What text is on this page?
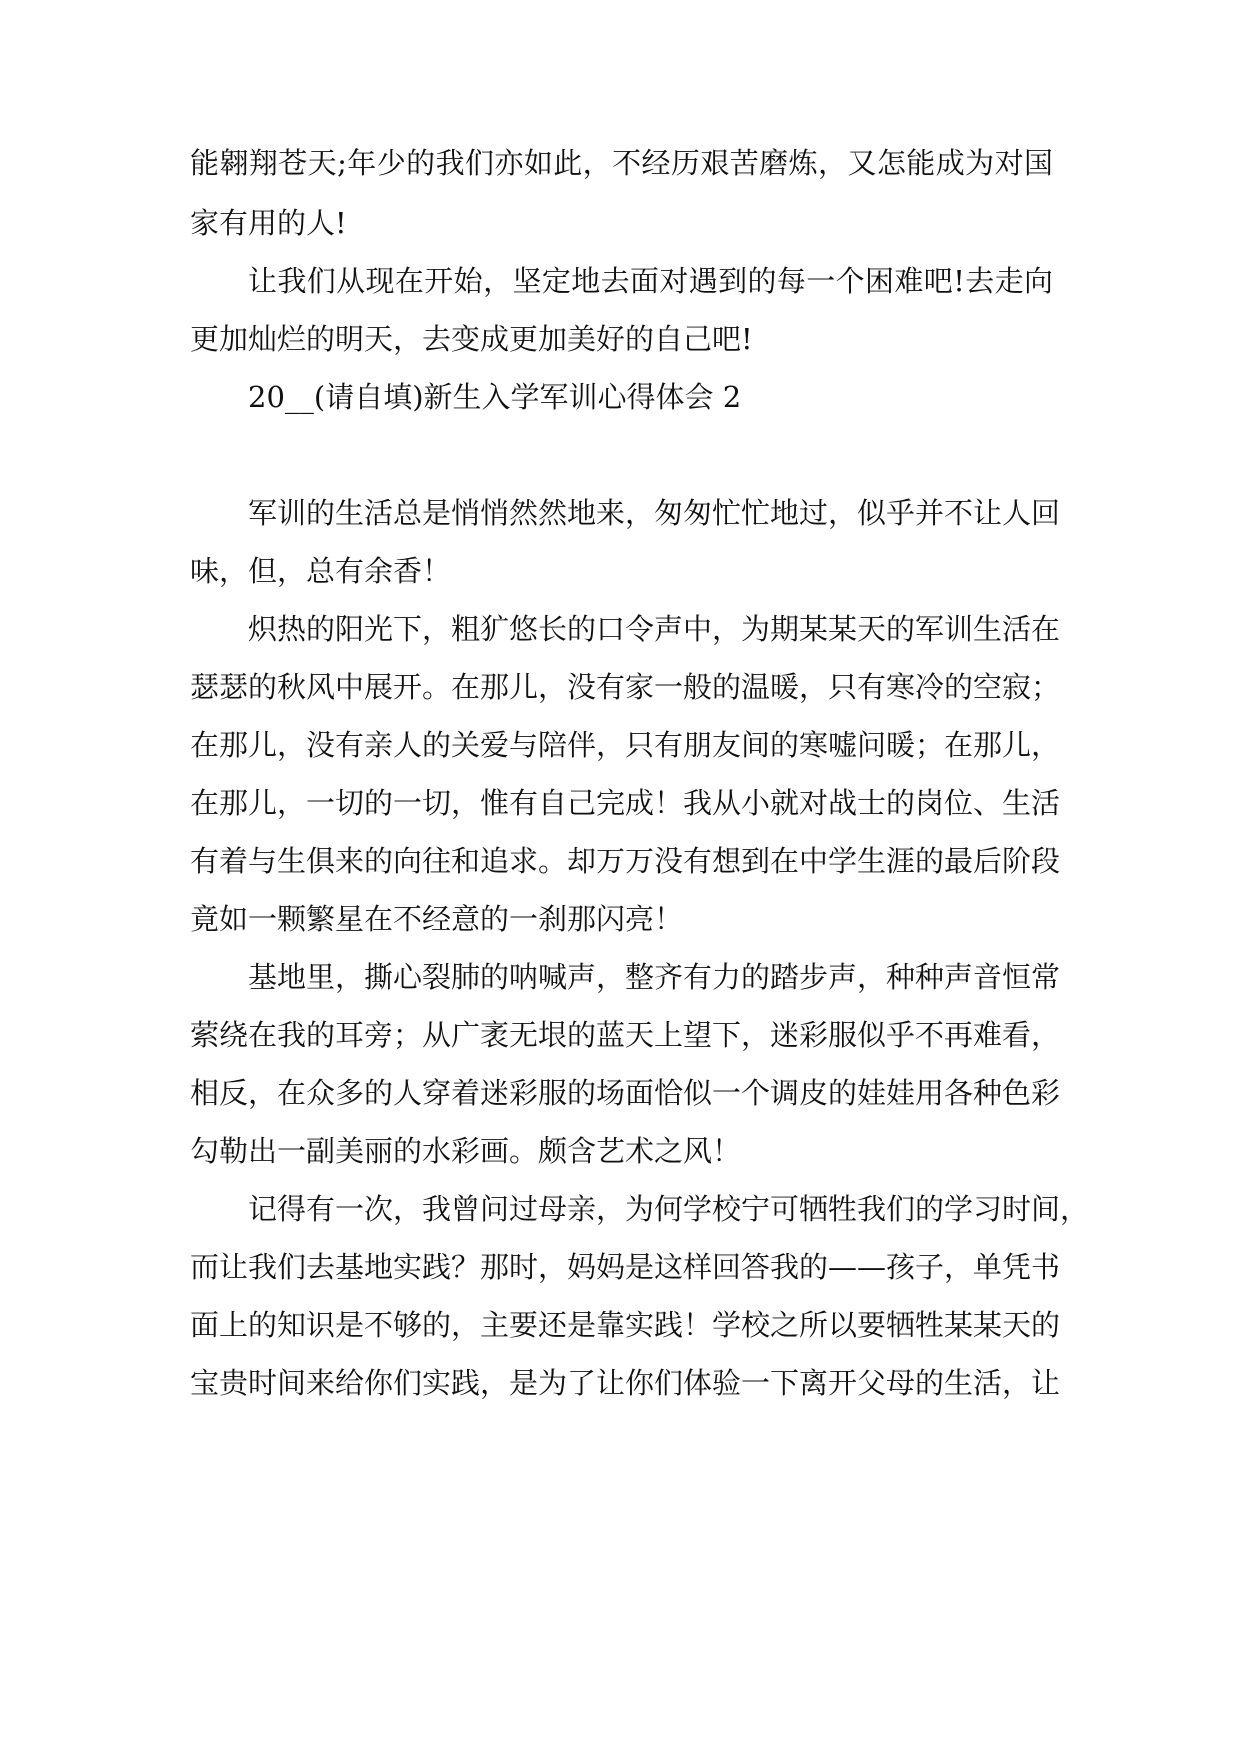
能翱翔苍天;年少的我们亦如此，不经历艰苦磨炼，又怎能成为对国
家有用的人!
让我们从现在开始，坚定地去面对遇到的每一个困难吧!去走向
更加灿烂的明天，去变成更加美好的自己吧!
20__(请自填)新生入学军训心得体会 2
军训的生活总是悄悄然然地来，匆匆忙忙地过，似乎并不让人回
味，但，总有余香！
炽热的阳光下，粗犷悠长的口令声中，为期某某天的军训生活在
瑟瑟的秋风中展开。在那儿，没有家一般的温暖，只有寒冷的空寂；
在那儿，没有亲人的关爱与陪伴，只有朋友间的寒嘘问暖；在那儿，
在那儿，一切的一切，惟有自己完成！我从小就对战士的岗位、生活
有着与生俱来的向往和追求。却万万没有想到在中学生涯的最后阶段
竟如一颗繁星在不经意的一刹那闪亮！
基地里，撕心裂肺的呐喊声，整齐有力的踏步声，种种声音恒常
萦绕在我的耳旁；从广袤无垠的蓝天上望下，迷彩服似乎不再难看，
相反，在众多的人穿着迷彩服的场面恰似一个调皮的娃娃用各种色彩
勾勒出一副美丽的水彩画。颇含艺术之风！
记得有一次，我曾问过母亲，为何学校宁可牺牲我们的学习时间，
而让我们去基地实践？那时，妈妈是这样回答我的——孩子，单凭书
面上的知识是不够的，主要还是靠实践！学校之所以要牺牲某某天的
宝贵时间来给你们实践，是为了让你们体验一下离开父母的生活，让
